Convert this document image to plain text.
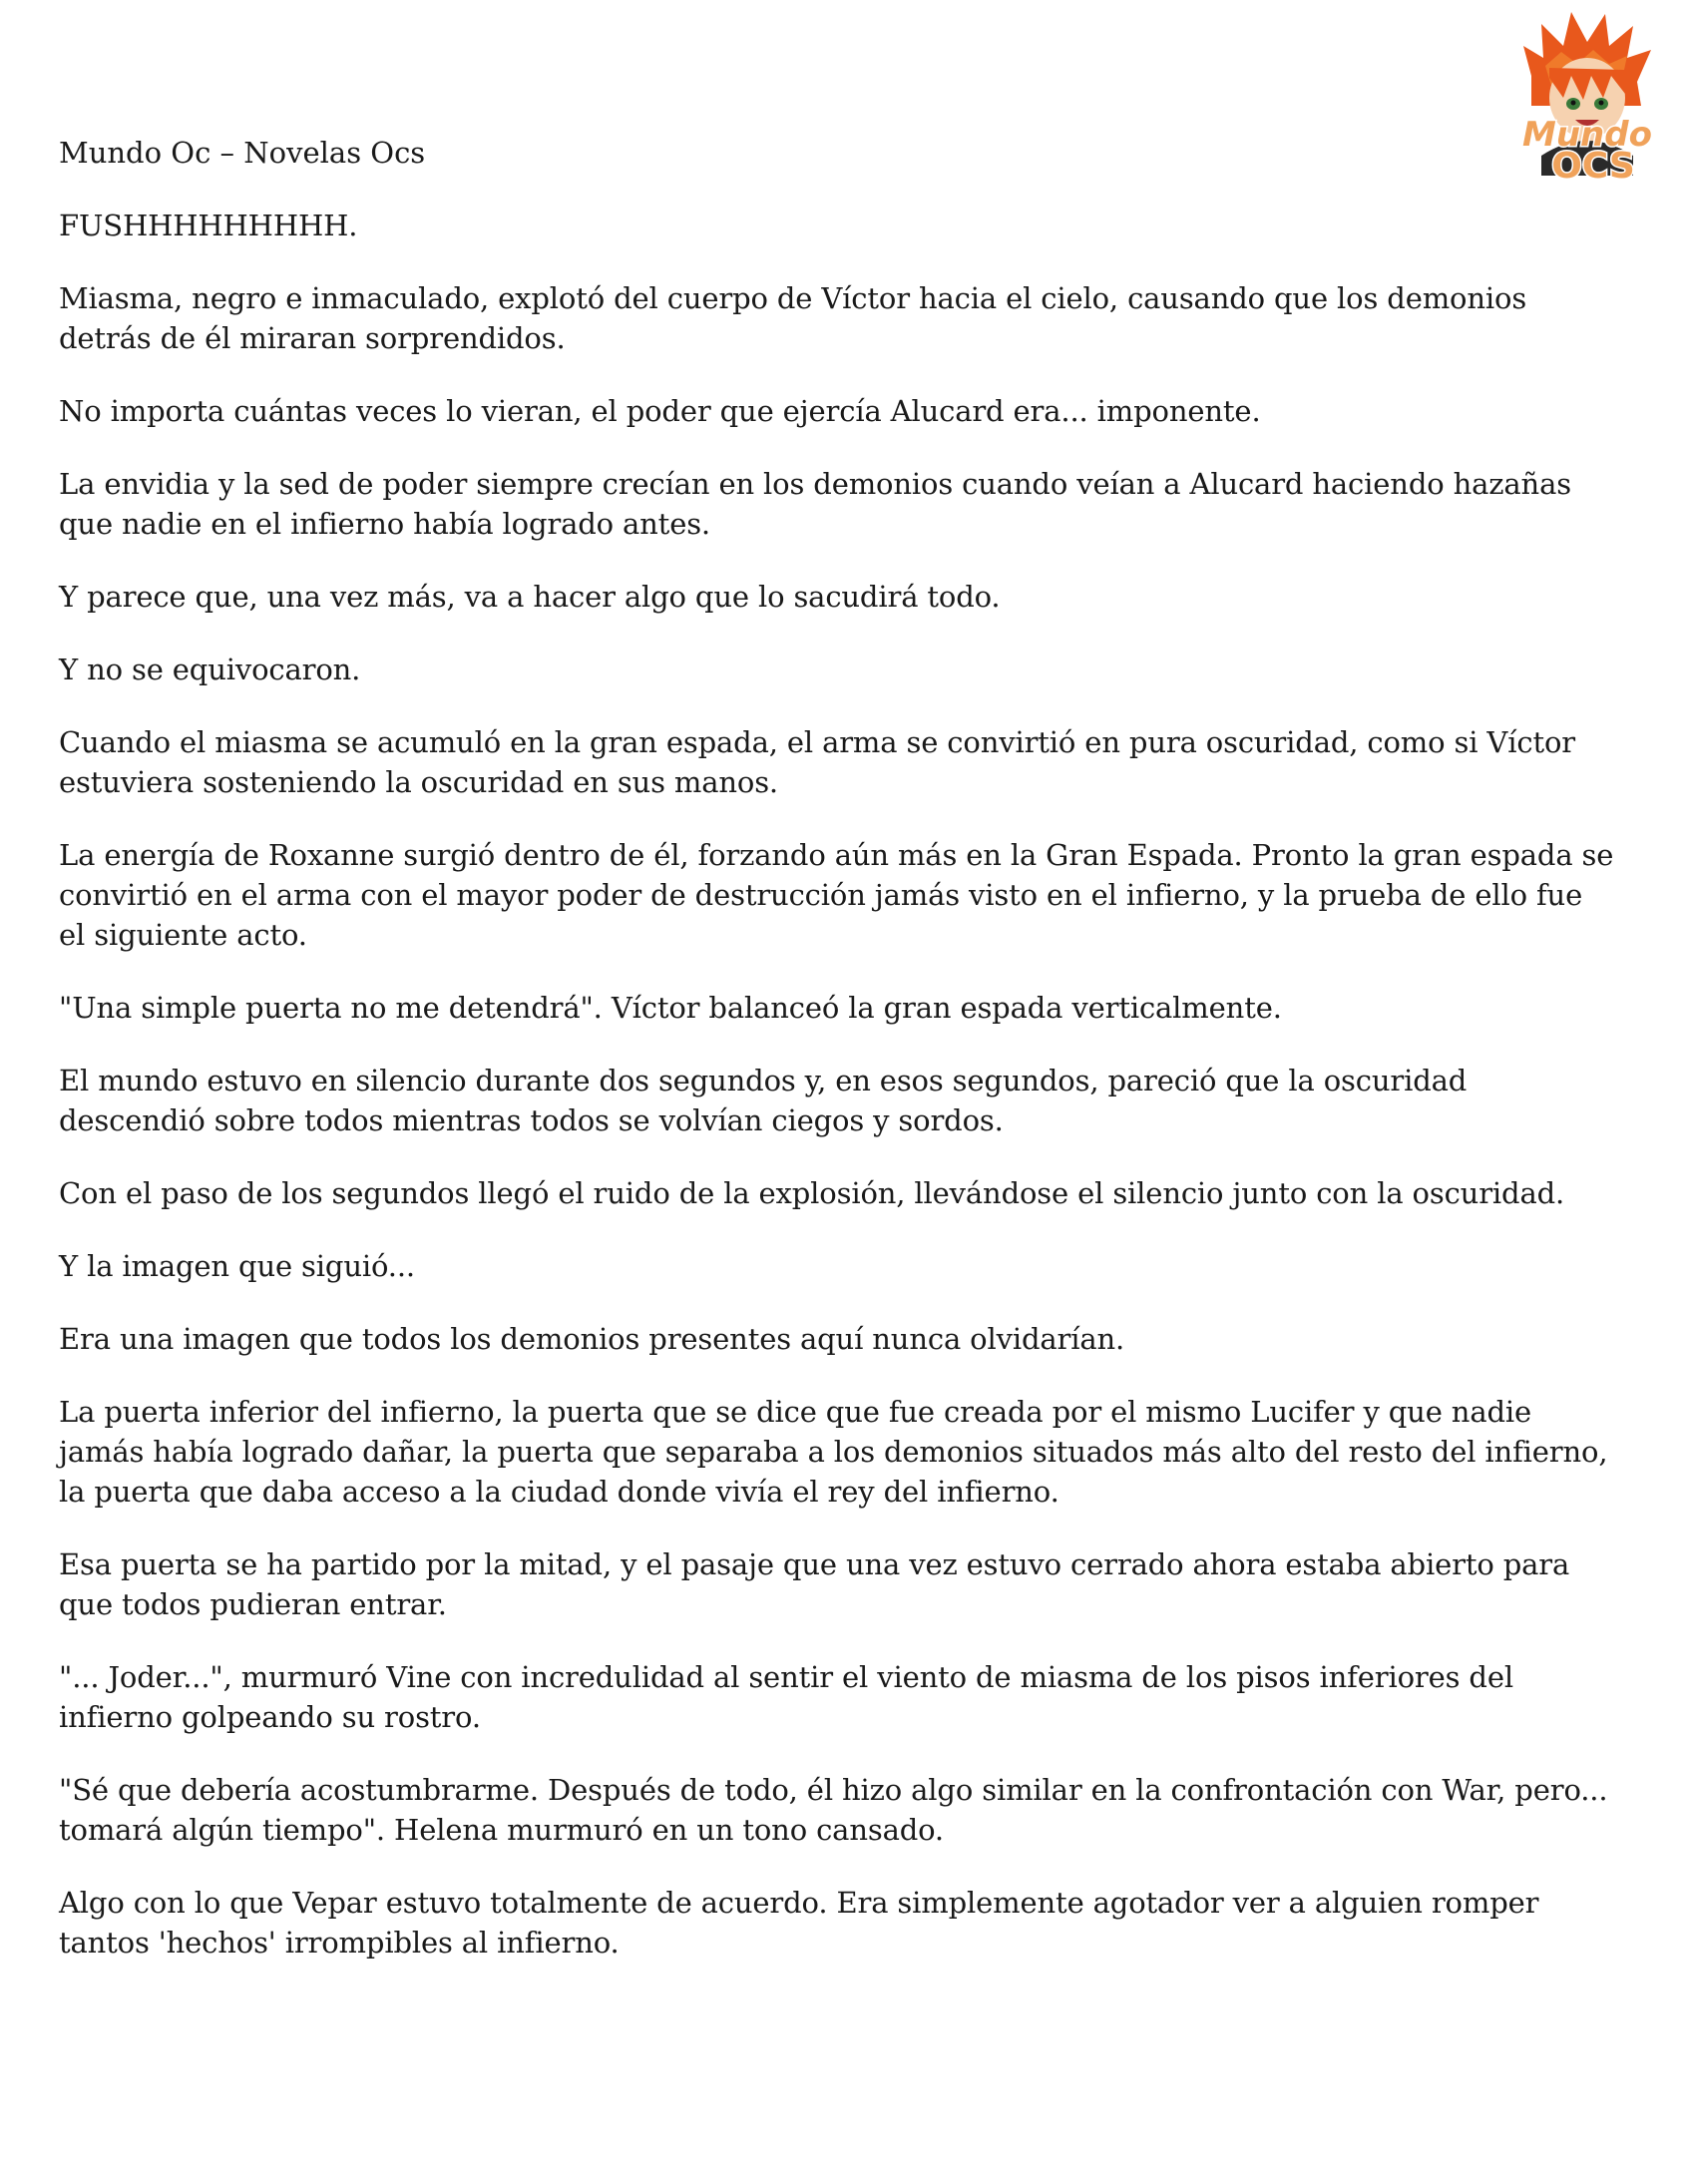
Mundo
OCS
Mundo Oc – Novelas Ocs

FUSHHHHHHHHH.

Miasma, negro e inmaculado, explotó del cuerpo de Víctor hacia el cielo, causando que los demonios detrás de él miraran sorprendidos.

No importa cuántas veces lo vieran, el poder que ejercía Alucard era... imponente.

La envidia y la sed de poder siempre crecían en los demonios cuando veían a Alucard haciendo hazañas que nadie en el infierno había logrado antes.

Y parece que, una vez más, va a hacer algo que lo sacudirá todo.

Y no se equivocaron.

Cuando el miasma se acumuló en la gran espada, el arma se convirtió en pura oscuridad, como si Víctor estuviera sosteniendo la oscuridad en sus manos.

La energía de Roxanne surgió dentro de él, forzando aún más en la Gran Espada. Pronto la gran espada se convirtió en el arma con el mayor poder de destrucción jamás visto en el infierno, y la prueba de ello fue el siguiente acto.

"Una simple puerta no me detendrá". Víctor balanceó la gran espada verticalmente.

El mundo estuvo en silencio durante dos segundos y, en esos segundos, pareció que la oscuridad descendió sobre todos mientras todos se volvían ciegos y sordos.

Con el paso de los segundos llegó el ruido de la explosión, llevándose el silencio junto con la oscuridad.

Y la imagen que siguió...

Era una imagen que todos los demonios presentes aquí nunca olvidarían.

La puerta inferior del infierno, la puerta que se dice que fue creada por el mismo Lucifer y que nadie jamás había logrado dañar, la puerta que separaba a los demonios situados más alto del resto del infierno, la puerta que daba acceso a la ciudad donde vivía el rey del infierno.

Esa puerta se ha partido por la mitad, y el pasaje que una vez estuvo cerrado ahora estaba abierto para que todos pudieran entrar.

"... Joder...", murmuró Vine con incredulidad al sentir el viento de miasma de los pisos inferiores del infierno golpeando su rostro.

"Sé que debería acostumbrarme. Después de todo, él hizo algo similar en la confrontación con War, pero... tomará algún tiempo". Helena murmuró en un tono cansado.

Algo con lo que Vepar estuvo totalmente de acuerdo. Era simplemente agotador ver a alguien romper tantos 'hechos' irrompibles al infierno.
